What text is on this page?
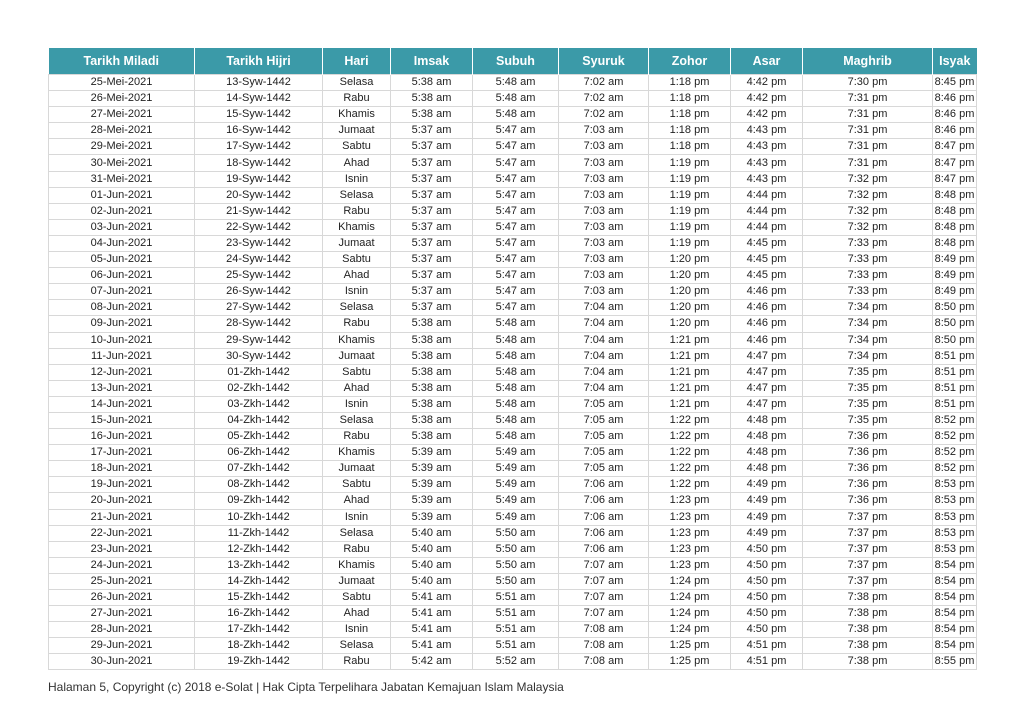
Tarikh Miladi	Tarikh Hijri	Hari	Imsak	Subuh	Syuruk	Zohor	Asar	Maghrib	Isyak
25-Mei-2021	13-Syw-1442	Selasa	5:38 am	5:48 am	7:02 am	1:18 pm	4:42 pm	7:30 pm	8:45 pm
26-Mei-2021	14-Syw-1442	Rabu	5:38 am	5:48 am	7:02 am	1:18 pm	4:42 pm	7:31 pm	8:46 pm
27-Mei-2021	15-Syw-1442	Khamis	5:38 am	5:48 am	7:02 am	1:18 pm	4:42 pm	7:31 pm	8:46 pm
28-Mei-2021	16-Syw-1442	Jumaat	5:37 am	5:47 am	7:03 am	1:18 pm	4:43 pm	7:31 pm	8:46 pm
29-Mei-2021	17-Syw-1442	Sabtu	5:37 am	5:47 am	7:03 am	1:18 pm	4:43 pm	7:31 pm	8:47 pm
30-Mei-2021	18-Syw-1442	Ahad	5:37 am	5:47 am	7:03 am	1:19 pm	4:43 pm	7:31 pm	8:47 pm
31-Mei-2021	19-Syw-1442	Isnin	5:37 am	5:47 am	7:03 am	1:19 pm	4:43 pm	7:32 pm	8:47 pm
01-Jun-2021	20-Syw-1442	Selasa	5:37 am	5:47 am	7:03 am	1:19 pm	4:44 pm	7:32 pm	8:48 pm
02-Jun-2021	21-Syw-1442	Rabu	5:37 am	5:47 am	7:03 am	1:19 pm	4:44 pm	7:32 pm	8:48 pm
03-Jun-2021	22-Syw-1442	Khamis	5:37 am	5:47 am	7:03 am	1:19 pm	4:44 pm	7:32 pm	8:48 pm
04-Jun-2021	23-Syw-1442	Jumaat	5:37 am	5:47 am	7:03 am	1:19 pm	4:45 pm	7:33 pm	8:48 pm
05-Jun-2021	24-Syw-1442	Sabtu	5:37 am	5:47 am	7:03 am	1:20 pm	4:45 pm	7:33 pm	8:49 pm
06-Jun-2021	25-Syw-1442	Ahad	5:37 am	5:47 am	7:03 am	1:20 pm	4:45 pm	7:33 pm	8:49 pm
07-Jun-2021	26-Syw-1442	Isnin	5:37 am	5:47 am	7:03 am	1:20 pm	4:46 pm	7:33 pm	8:49 pm
08-Jun-2021	27-Syw-1442	Selasa	5:37 am	5:47 am	7:04 am	1:20 pm	4:46 pm	7:34 pm	8:50 pm
09-Jun-2021	28-Syw-1442	Rabu	5:38 am	5:48 am	7:04 am	1:20 pm	4:46 pm	7:34 pm	8:50 pm
10-Jun-2021	29-Syw-1442	Khamis	5:38 am	5:48 am	7:04 am	1:21 pm	4:46 pm	7:34 pm	8:50 pm
11-Jun-2021	30-Syw-1442	Jumaat	5:38 am	5:48 am	7:04 am	1:21 pm	4:47 pm	7:34 pm	8:51 pm
12-Jun-2021	01-Zkh-1442	Sabtu	5:38 am	5:48 am	7:04 am	1:21 pm	4:47 pm	7:35 pm	8:51 pm
13-Jun-2021	02-Zkh-1442	Ahad	5:38 am	5:48 am	7:04 am	1:21 pm	4:47 pm	7:35 pm	8:51 pm
14-Jun-2021	03-Zkh-1442	Isnin	5:38 am	5:48 am	7:05 am	1:21 pm	4:47 pm	7:35 pm	8:51 pm
15-Jun-2021	04-Zkh-1442	Selasa	5:38 am	5:48 am	7:05 am	1:22 pm	4:48 pm	7:35 pm	8:52 pm
16-Jun-2021	05-Zkh-1442	Rabu	5:38 am	5:48 am	7:05 am	1:22 pm	4:48 pm	7:36 pm	8:52 pm
17-Jun-2021	06-Zkh-1442	Khamis	5:39 am	5:49 am	7:05 am	1:22 pm	4:48 pm	7:36 pm	8:52 pm
18-Jun-2021	07-Zkh-1442	Jumaat	5:39 am	5:49 am	7:05 am	1:22 pm	4:48 pm	7:36 pm	8:52 pm
19-Jun-2021	08-Zkh-1442	Sabtu	5:39 am	5:49 am	7:06 am	1:22 pm	4:49 pm	7:36 pm	8:53 pm
20-Jun-2021	09-Zkh-1442	Ahad	5:39 am	5:49 am	7:06 am	1:23 pm	4:49 pm	7:36 pm	8:53 pm
21-Jun-2021	10-Zkh-1442	Isnin	5:39 am	5:49 am	7:06 am	1:23 pm	4:49 pm	7:37 pm	8:53 pm
22-Jun-2021	11-Zkh-1442	Selasa	5:40 am	5:50 am	7:06 am	1:23 pm	4:49 pm	7:37 pm	8:53 pm
23-Jun-2021	12-Zkh-1442	Rabu	5:40 am	5:50 am	7:06 am	1:23 pm	4:50 pm	7:37 pm	8:53 pm
24-Jun-2021	13-Zkh-1442	Khamis	5:40 am	5:50 am	7:07 am	1:23 pm	4:50 pm	7:37 pm	8:54 pm
25-Jun-2021	14-Zkh-1442	Jumaat	5:40 am	5:50 am	7:07 am	1:24 pm	4:50 pm	7:37 pm	8:54 pm
26-Jun-2021	15-Zkh-1442	Sabtu	5:41 am	5:51 am	7:07 am	1:24 pm	4:50 pm	7:38 pm	8:54 pm
27-Jun-2021	16-Zkh-1442	Ahad	5:41 am	5:51 am	7:07 am	1:24 pm	4:50 pm	7:38 pm	8:54 pm
28-Jun-2021	17-Zkh-1442	Isnin	5:41 am	5:51 am	7:08 am	1:24 pm	4:50 pm	7:38 pm	8:54 pm
29-Jun-2021	18-Zkh-1442	Selasa	5:41 am	5:51 am	7:08 am	1:25 pm	4:51 pm	7:38 pm	8:54 pm
30-Jun-2021	19-Zkh-1442	Rabu	5:42 am	5:52 am	7:08 am	1:25 pm	4:51 pm	7:38 pm	8:55 pm
Halaman 5, Copyright (c) 2018 e-Solat | Hak Cipta Terpelihara Jabatan Kemajuan Islam Malaysia
